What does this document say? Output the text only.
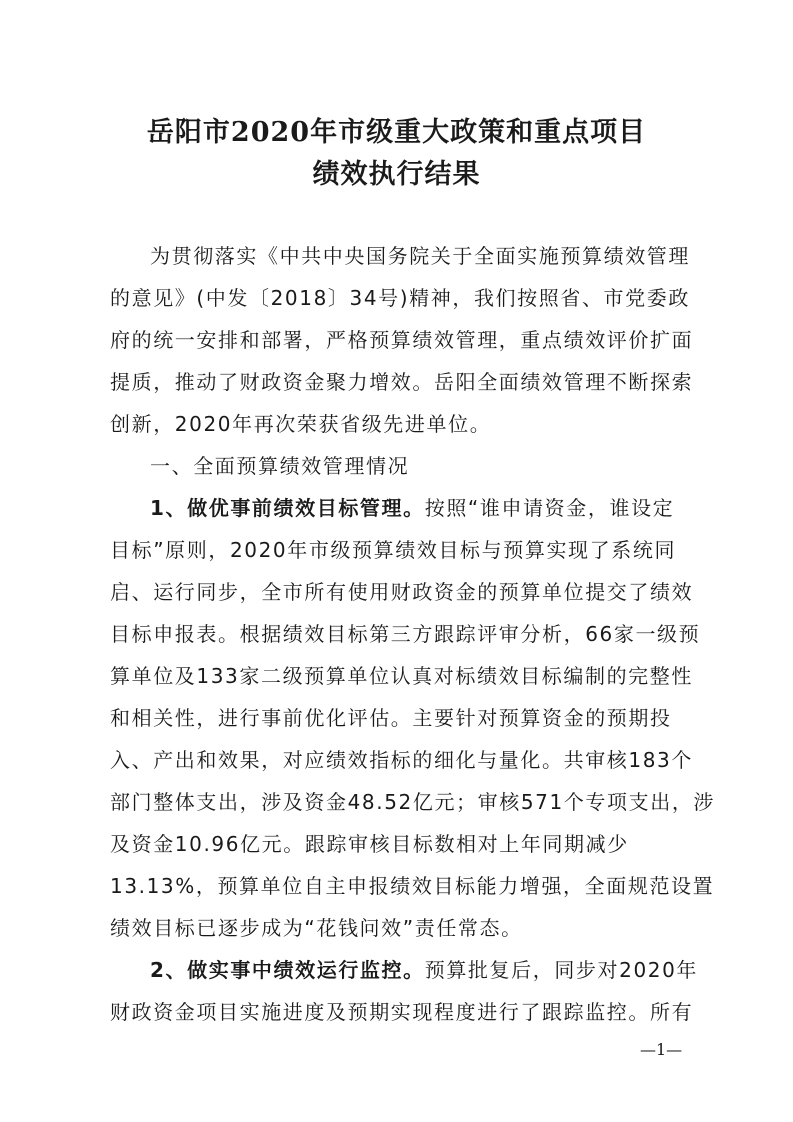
岳阳市2020年市级重大政策和重点项目
绩效执行结果
为贯彻落实《中共中央国务院关于全面实施预算绩效管理
的意见》(中发〔2018〕34号)精神，我们按照省、市党委政
府的统一安排和部署，严格预算绩效管理，重点绩效评价扩面
提质，推动了财政资金聚力增效。岳阳全面绩效管理不断探索
创新，2020年再次荣获省级先进单位。
一、全面预算绩效管理情况
1、做优事前绩效目标管理。按照“谁申请资金，谁设定
目标”原则，2020年市级预算绩效目标与预算实现了系统同
启、运行同步，全市所有使用财政资金的预算单位提交了绩效
目标申报表。根据绩效目标第三方跟踪评审分析，66家一级预
算单位及133家二级预算单位认真对标绩效目标编制的完整性
和相关性，进行事前优化评估。主要针对预算资金的预期投
入、产出和效果，对应绩效指标的细化与量化。共审核183个
部门整体支出，涉及资金48.52亿元；审核571个专项支出，涉
及资金10.96亿元。跟踪审核目标数相对上年同期减少
13.13%，预算单位自主申报绩效目标能力增强，全面规范设置
绩效目标已逐步成为“花钱问效”责任常态。
2、做实事中绩效运行监控。预算批复后，同步对2020年
财政资金项目实施进度及预期实现程度进行了跟踪监控。所有
—1—
